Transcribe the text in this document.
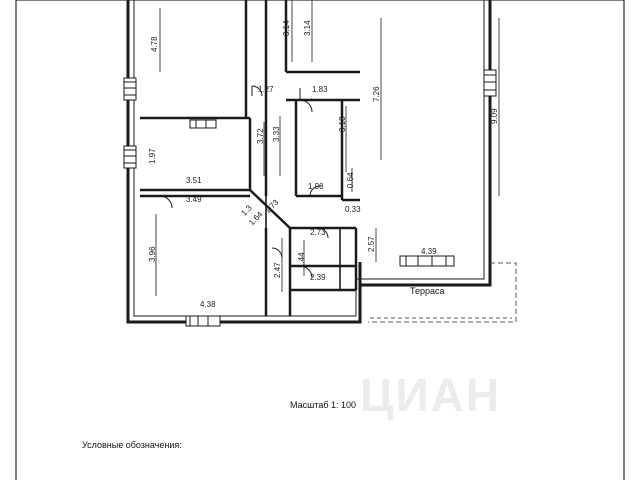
4.78
3.14 3.14
7.26
9.09
1.27	1.83
1.97
3.72 3.33
3.18
3.51
3.49
1.98	0.64
0.33
1.73
1.64
1.3
3.96
2.47
1.44
2.73
2.39
2.57	4.39
4.38
ЦИАН
Терраса
Масштаб 1: 100
Условные обозначения:
